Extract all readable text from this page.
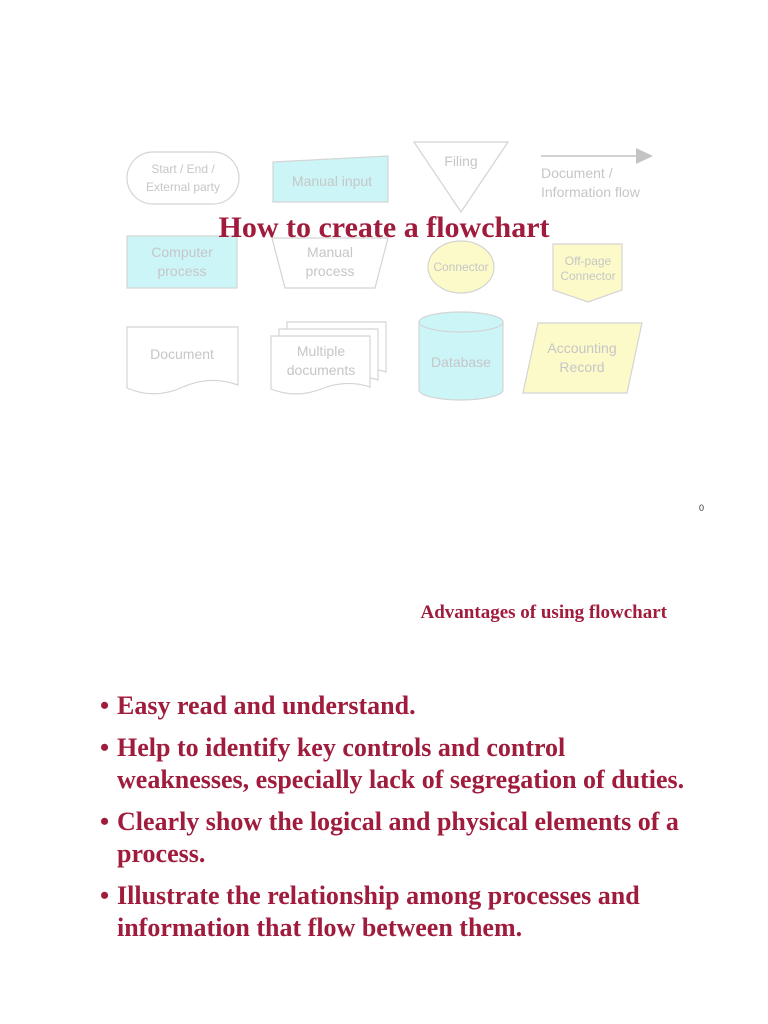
Start / End /
External party	Manual input
Filing
Document /
Information flow
Computer
process
Manual
process	Connector	Off-page
Connector
Document	Multiple
documents	Database
Accounting
Record
How to create a flowchart
0
Advantages of using flowchart
• Easy read and understand.
• Help to identify key controls and control weaknesses, especially lack of segregation of duties.
• Clearly show the logical and physical elements of a process.
• Illustrate the relationship among processes and information that flow between them.
